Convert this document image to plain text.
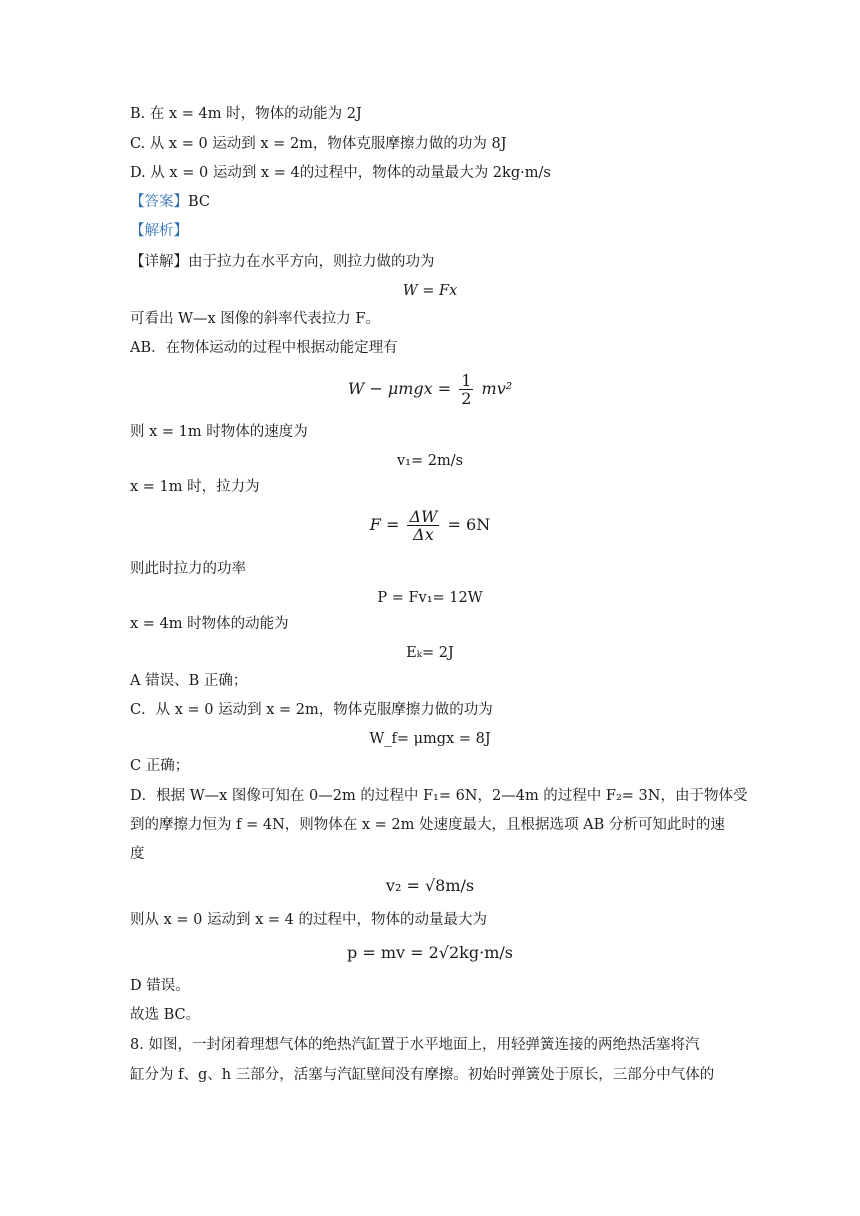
B. 在 x = 4m 时，物体的动能为 2J
C. 从 x = 0 运动到 x = 2m，物体克服摩擦力做的功为 8J
D. 从 x = 0 运动到 x = 4的过程中，物体的动量最大为 2kg·m/s
【答案】BC
【解析】
【详解】由于拉力在水平方向，则拉力做的功为
W = Fx
可看出 W—x 图像的斜率代表拉力 F。
AB．在物体运动的过程中根据动能定理有
$W - \mu mgx = \frac{1}{2} mv^2$
则 x = 1m 时物体的速度为
v₁= 2m/s
x = 1m 时，拉力为
$F = \frac{\Delta W}{\Delta x} = 6N$
则此时拉力的功率
P = Fv₁= 12W
x = 4m 时物体的动能为
Eₖ= 2J
A 错误、B 正确；
C．从 x = 0 运动到 x = 2m，物体克服摩擦力做的功为
W_f= μmgx = 8J
C 正确；
D．根据 W—x 图像可知在 0—2m 的过程中 F₁= 6N，2—4m 的过程中 F₂= 3N，由于物体受
到的摩擦力恒为 f = 4N，则物体在 x = 2m 处速度最大，且根据选项 AB 分析可知此时的速
度
v₂ = √8m/s
则从 x = 0 运动到 x = 4 的过程中，物体的动量最大为
p = mv = 2√2kg·m/s
D 错误。
故选 BC。
8. 如图，一封闭着理想气体的绝热汽缸置于水平地面上，用轻弹簧连接的两绝热活塞将汽
缸分为 f、g、h 三部分，活塞与汽缸壁间没有摩擦。初始时弹簧处于原长，三部分中气体的
